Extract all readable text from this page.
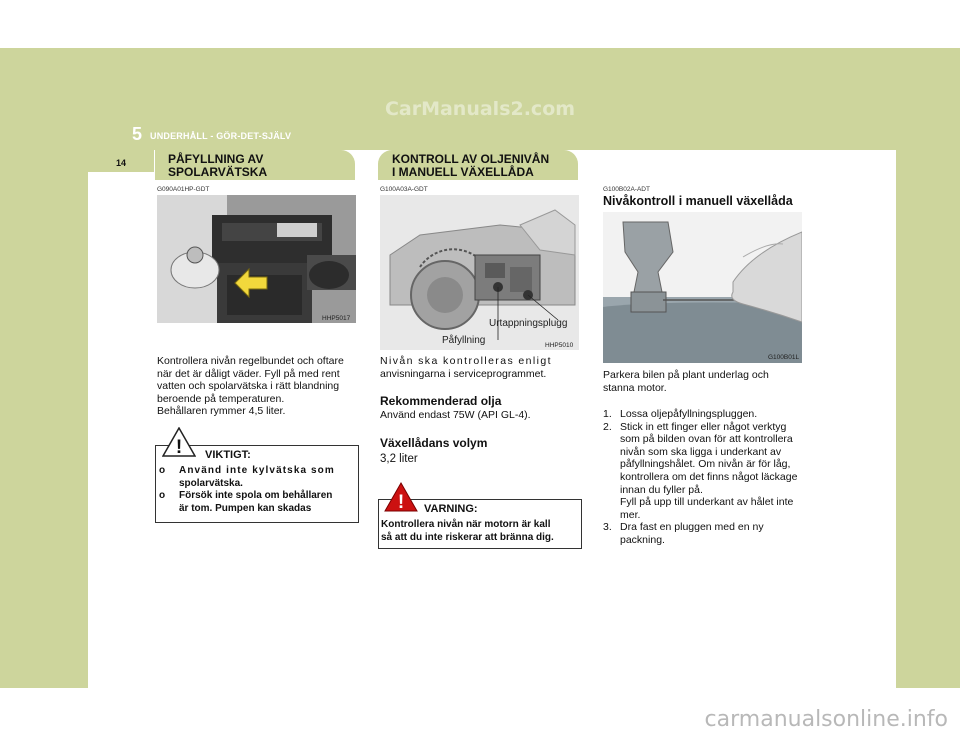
CarManuals2.com
5 UNDERHÅLL - GÖR-DET-SJÄLV
14	PÅFYLLNING AV
SPOLARVÄTSKA
G090A01HP-GDT
HHP5017

Kontrollera nivån regelbundet och oftare

när det är dåligt väder. Fyll på med rent

vatten och spolarvätska i rätt blandning

beroende på temperaturen.

Behållaren rymmer 4,5 liter.

! VIKTIGT:
o Använd inte kylvätska som
spolarvätska.
o Försök inte spola om behållaren
är tom. Pumpen kan skadas
KONTROLL AV OLJENIVÅN
I MANUELL VÄXELLÅDA
G100A03A-GDT
Urtappningsplugg
Påfyllning	HHP5010

Nivån ska kontrolleras enligt

anvisningarna i serviceprogrammet.

Rekommenderad olja
Använd endast 75W (API GL-4).
Växellådans volym
3,2 liter
! VARNING:

Kontrollera nivån när motorn är kall

så att du inte riskerar att bränna dig.

G100B02A-ADT
Nivåkontroll i manuell växellåda
G100B01L

Parkera bilen på plant underlag och

stanna motor.

1. Lossa oljepåfyllningspluggen.
2. Stick in ett finger eller något verktyg
som på bilden ovan för att kontrollera
nivån som ska ligga i underkant av
påfyllningshålet. Om nivån är för låg,
kontrollera om det finns något läckage
innan du fyller på.
Fyll på upp till underkant av hålet inte
mer.
3. Dra fast en pluggen med en ny
packning.
carmanualsonline.info
